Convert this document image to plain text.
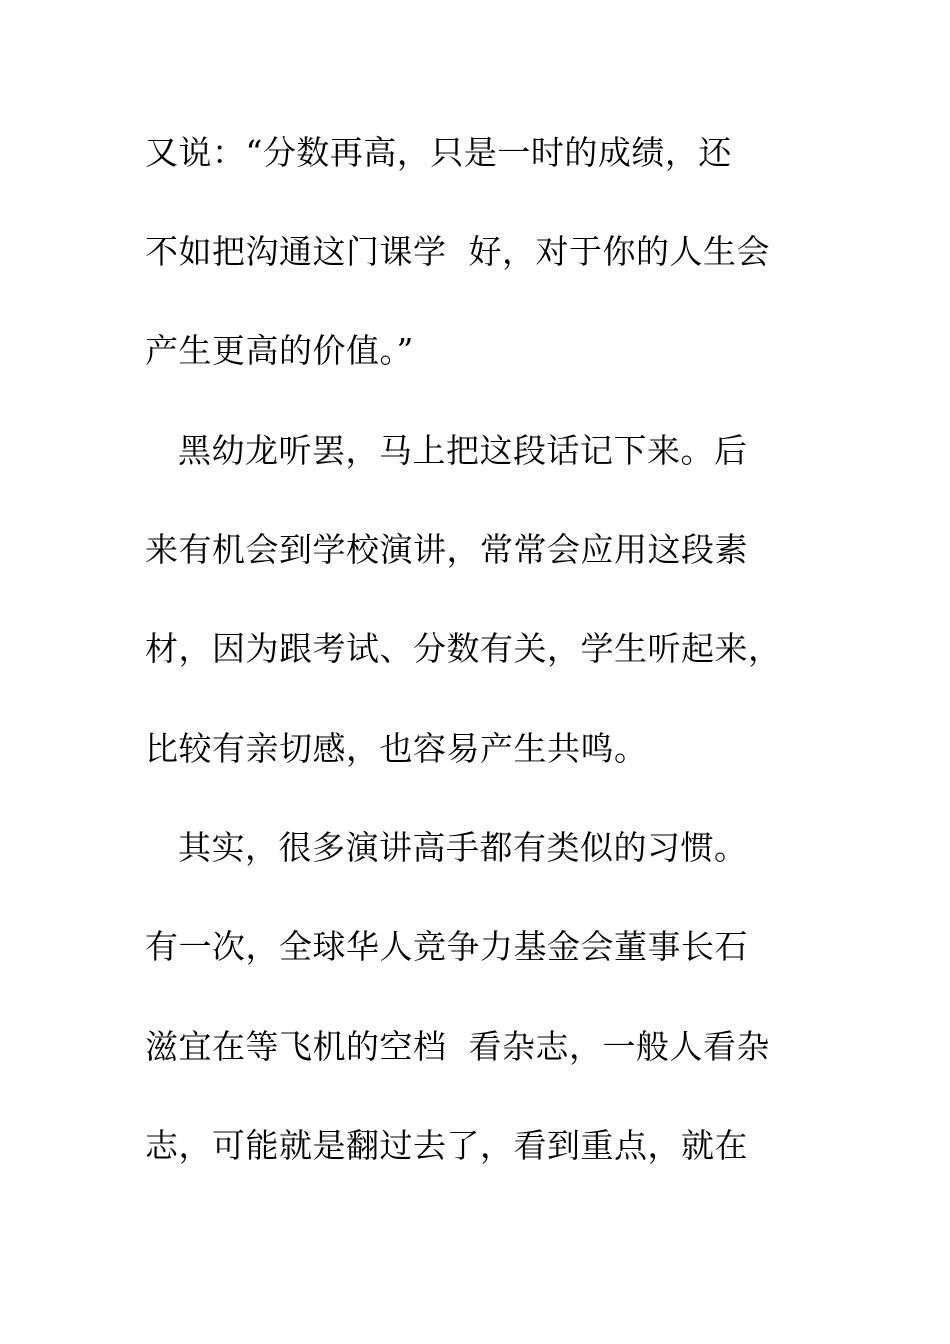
又说：“分数再高，只是一时的成绩，还
不如把沟通这门课学  好，对于你的人生会
产生更高的价值。”
黑幼龙听罢，马上把这段话记下来。后
来有机会到学校演讲，常常会应用这段素
材，因为跟考试、分数有关，学生听起来，
比较有亲切感，也容易产生共鸣。
其实，很多演讲高手都有类似的习惯。
有一次，全球华人竞争力基金会董事长石
滋宜在等飞机的空档  看杂志，一般人看杂
志，可能就是翻过去了，看到重点，就在
